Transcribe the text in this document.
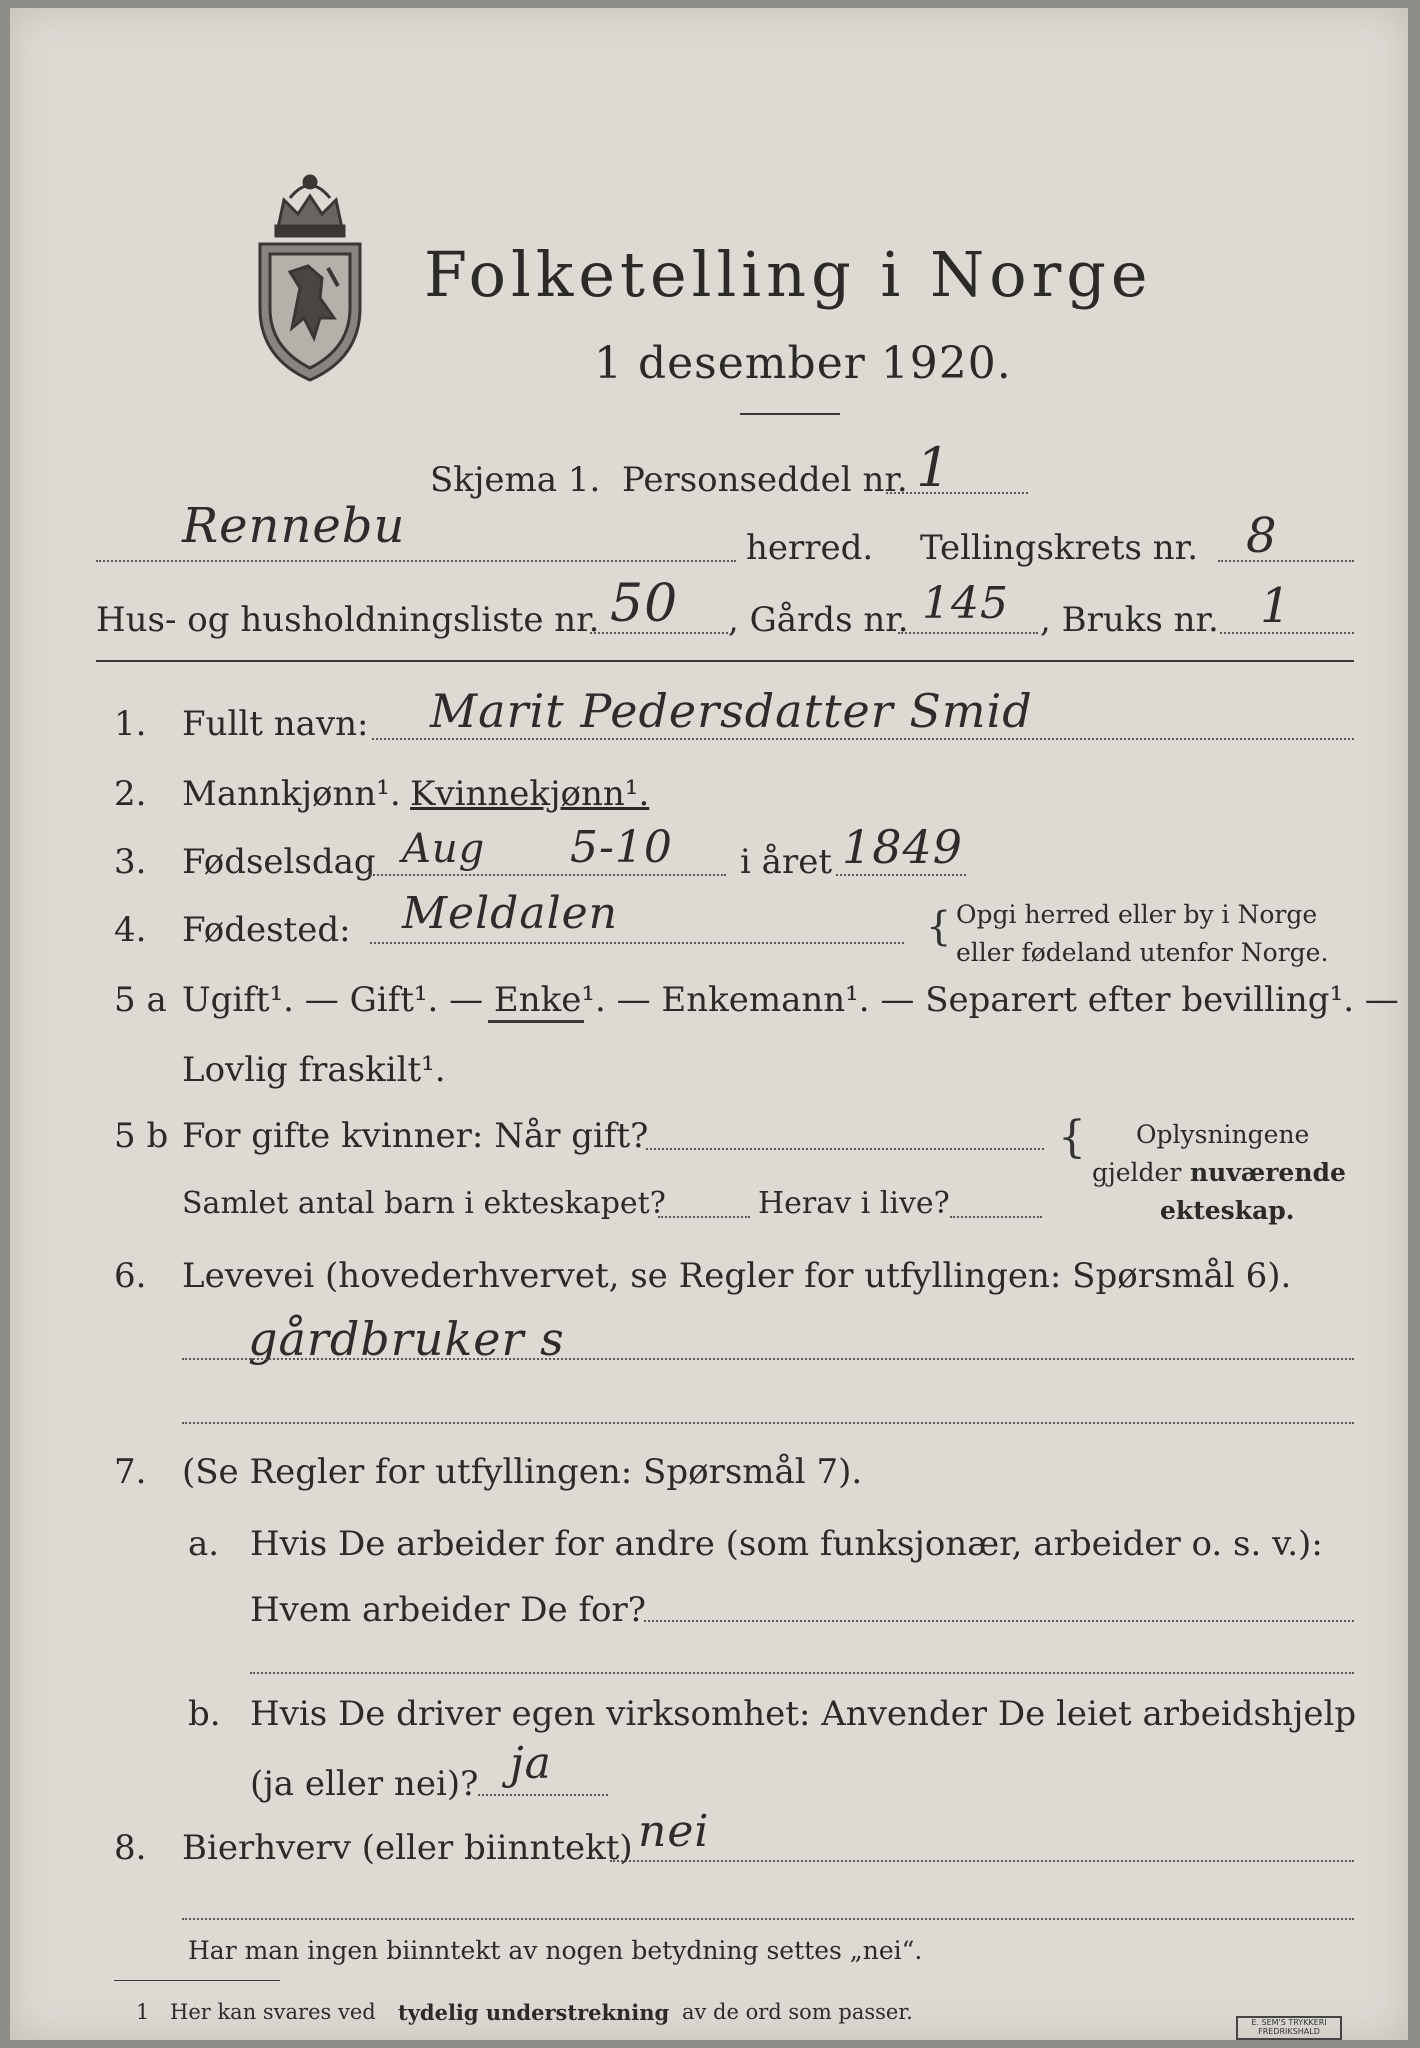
Folketelling i Norge
1 desember 1920.
Skjema 1. Personseddel nr. 1
Rennebu	herred. Tellingskrets nr. 8
Hus- og husholdningsliste nr. 50 , Gårds nr. 145 , Bruks nr. 1
1. Fullt navn: Marit Pedersdatter Smid
2. Mannkjønn¹. Kvinnekjønn¹.
3. Fødselsdag Aug 5-10 i året 1849
4. Fødested: Meldalen	{ Opgi herred eller by i Norge
eller fødeland utenfor Norge.
5 a Ugift¹. — Gift¹. — Enke¹. — Enkemann¹. — Separert efter bevilling¹. —
Lovlig fraskilt¹.
5 b For gifte kvinner: Når gift?
Samlet antal barn i ekteskapet?	Herav i live?
{ Oplysningene
gjelder nuværende
ekteskap.
6. Levevei (hovederhvervet, se Regler for utfyllingen: Spørsmål 6).
gårdbruker s
7. (Se Regler for utfyllingen: Spørsmål 7).
a. Hvis De arbeider for andre (som funksjonær, arbeider o. s. v.):
Hvem arbeider De for?
b. Hvis De driver egen virksomhet: Anvender De leiet arbeidshjelp
(ja eller nei)? ja
8. Bierhverv (eller biinntekt) nei
Har man ingen biinntekt av nogen betydning settes „nei“.
1 Her kan svares ved tydelig understrekning av de ord som passer.	E. SEM'S TRYKKERI FREDRIKSHALD
